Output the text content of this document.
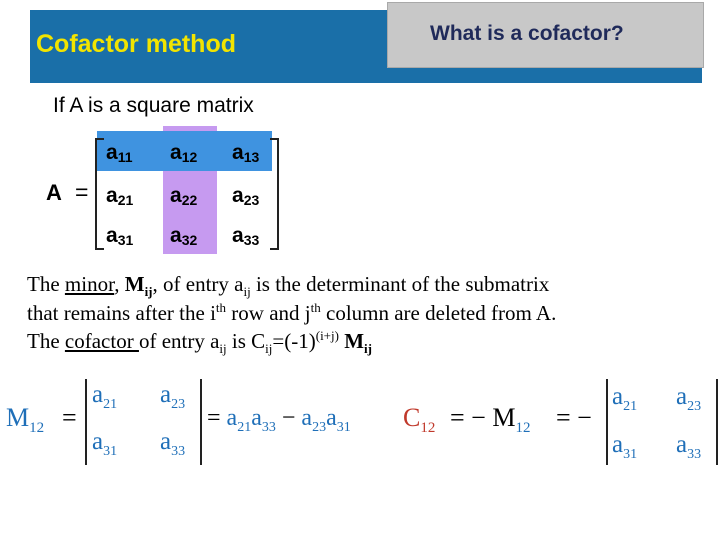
Cofactor method	What is a cofactor?
If A is a square matrix
A =
$a_{11}$ $a_{12}$ $a_{13}$
$a_{21}$ $a_{22}$ $a_{23}$
$a_{31}$ $a_{32}$ $a_{33}$
The minor, $M_{ij}$, of entry $a_{ij}$ is the determinant of the submatrix
that remains after the $i^{th}$ row and $j^{th}$ column are deleted from A.
The cofactor of entry $a_{ij}$ is $C_{ij}=(-1)^{(i+j)}$ $M_{ij}$
$M_{12}$ =
$a_{21}$ $a_{23}$
$a_{31}$ $a_{33}$
= $a_{21}a_{33} - a_{23}a_{31}$ $C_{12}$ = − $M_{12}$ = −
$a_{21}$ $a_{23}$
$a_{31}$ $a_{33}$
